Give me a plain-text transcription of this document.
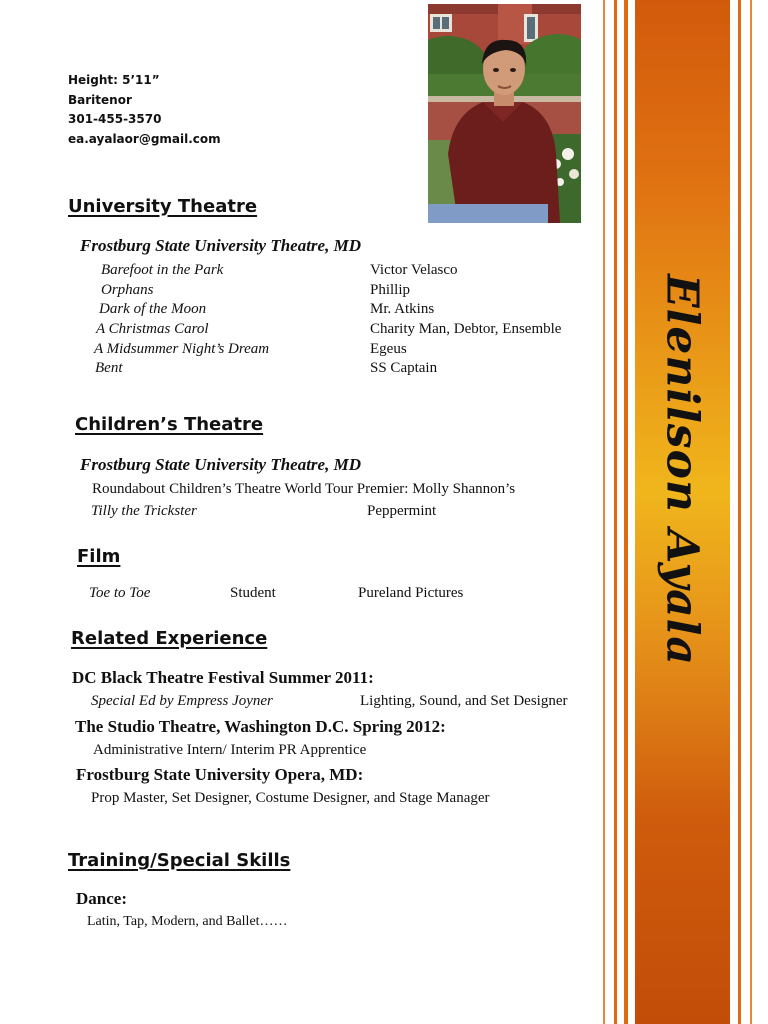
Height: 5’11”
Baritenor
301-455-3570
ea.ayalaor@gmail.com
University Theatre
Frostburg State University Theatre, MD
Barefoot in the Park	Victor Velasco
Orphans	Phillip
Dark of the Moon	Mr. Atkins
A Christmas Carol	Charity Man, Debtor, Ensemble
A Midsummer Night’s Dream	Egeus
Bent	SS Captain
Children’s Theatre
Frostburg State University Theatre, MD
Roundabout Children’s Theatre World Tour Premier: Molly Shannon’s
Tilly the Trickster	Peppermint
Film
Toe to Toe	Student	Pureland Pictures
Related Experience
DC Black Theatre Festival Summer 2011:
Special Ed by Empress Joyner	Lighting, Sound, and Set Designer
The Studio Theatre, Washington D.C. Spring 2012:
Administrative Intern/ Interim PR Apprentice
Frostburg State University Opera, MD:
Prop Master, Set Designer, Costume Designer, and Stage Manager
Training/Special Skills
Dance:
Latin, Tap, Modern, and Ballet……
Elenilson Ayala
